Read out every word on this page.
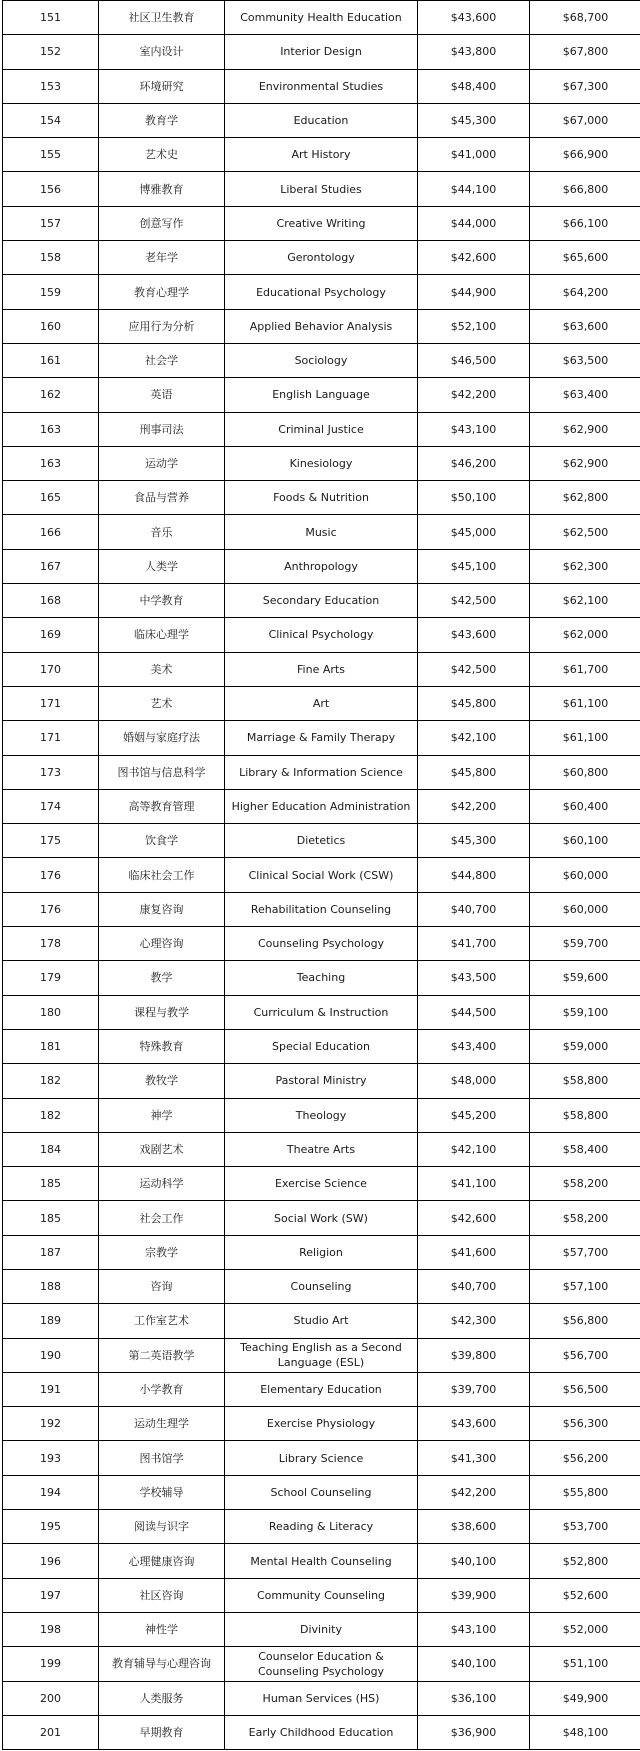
151	社区卫生教育	Community Health Education	$43,600	$68,700
152	室内设计	Interior Design	$43,800	$67,800
153	环境研究	Environmental Studies	$48,400	$67,300
154	教育学	Education	$45,300	$67,000
155	艺术史	Art History	$41,000	$66,900
156	博雅教育	Liberal Studies	$44,100	$66,800
157	创意写作	Creative Writing	$44,000	$66,100
158	老年学	Gerontology	$42,600	$65,600
159	教育心理学	Educational Psychology	$44,900	$64,200
160	应用行为分析	Applied Behavior Analysis	$52,100	$63,600
161	社会学	Sociology	$46,500	$63,500
162	英语	English Language	$42,200	$63,400
163	刑事司法	Criminal Justice	$43,100	$62,900
163	运动学	Kinesiology	$46,200	$62,900
165	食品与营养	Foods & Nutrition	$50,100	$62,800
166	音乐	Music	$45,000	$62,500
167	人类学	Anthropology	$45,100	$62,300
168	中学教育	Secondary Education	$42,500	$62,100
169	临床心理学	Clinical Psychology	$43,600	$62,000
170	美术	Fine Arts	$42,500	$61,700
171	艺术	Art	$45,800	$61,100
171	婚姻与家庭疗法	Marriage & Family Therapy	$42,100	$61,100
173	图书馆与信息科学	Library & Information Science	$45,800	$60,800
174	高等教育管理	Higher Education Administration	$42,200	$60,400
175	饮食学	Dietetics	$45,300	$60,100
176	临床社会工作	Clinical Social Work (CSW)	$44,800	$60,000
176	康复咨询	Rehabilitation Counseling	$40,700	$60,000
178	心理咨询	Counseling Psychology	$41,700	$59,700
179	教学	Teaching	$43,500	$59,600
180	课程与教学	Curriculum & Instruction	$44,500	$59,100
181	特殊教育	Special Education	$43,400	$59,000
182	教牧学	Pastoral Ministry	$48,000	$58,800
182	神学	Theology	$45,200	$58,800
184	戏剧艺术	Theatre Arts	$42,100	$58,400
185	运动科学	Exercise Science	$41,100	$58,200
185	社会工作	Social Work (SW)	$42,600	$58,200
187	宗教学	Religion	$41,600	$57,700
188	咨询	Counseling	$40,700	$57,100
189	工作室艺术	Studio Art	$42,300	$56,800
190	第二英语教学	Teaching English as a Second Language (ESL)	$39,800	$56,700
191	小学教育	Elementary Education	$39,700	$56,500
192	运动生理学	Exercise Physiology	$43,600	$56,300
193	图书馆学	Library Science	$41,300	$56,200
194	学校辅导	School Counseling	$42,200	$55,800
195	阅读与识字	Reading & Literacy	$38,600	$53,700
196	心理健康咨询	Mental Health Counseling	$40,100	$52,800
197	社区咨询	Community Counseling	$39,900	$52,600
198	神性学	Divinity	$43,100	$52,000
199	教育辅导与心理咨询	Counselor Education & Counseling Psychology	$40,100	$51,100
200	人类服务	Human Services (HS)	$36,100	$49,900
201	早期教育	Early Childhood Education	$36,900	$48,100
